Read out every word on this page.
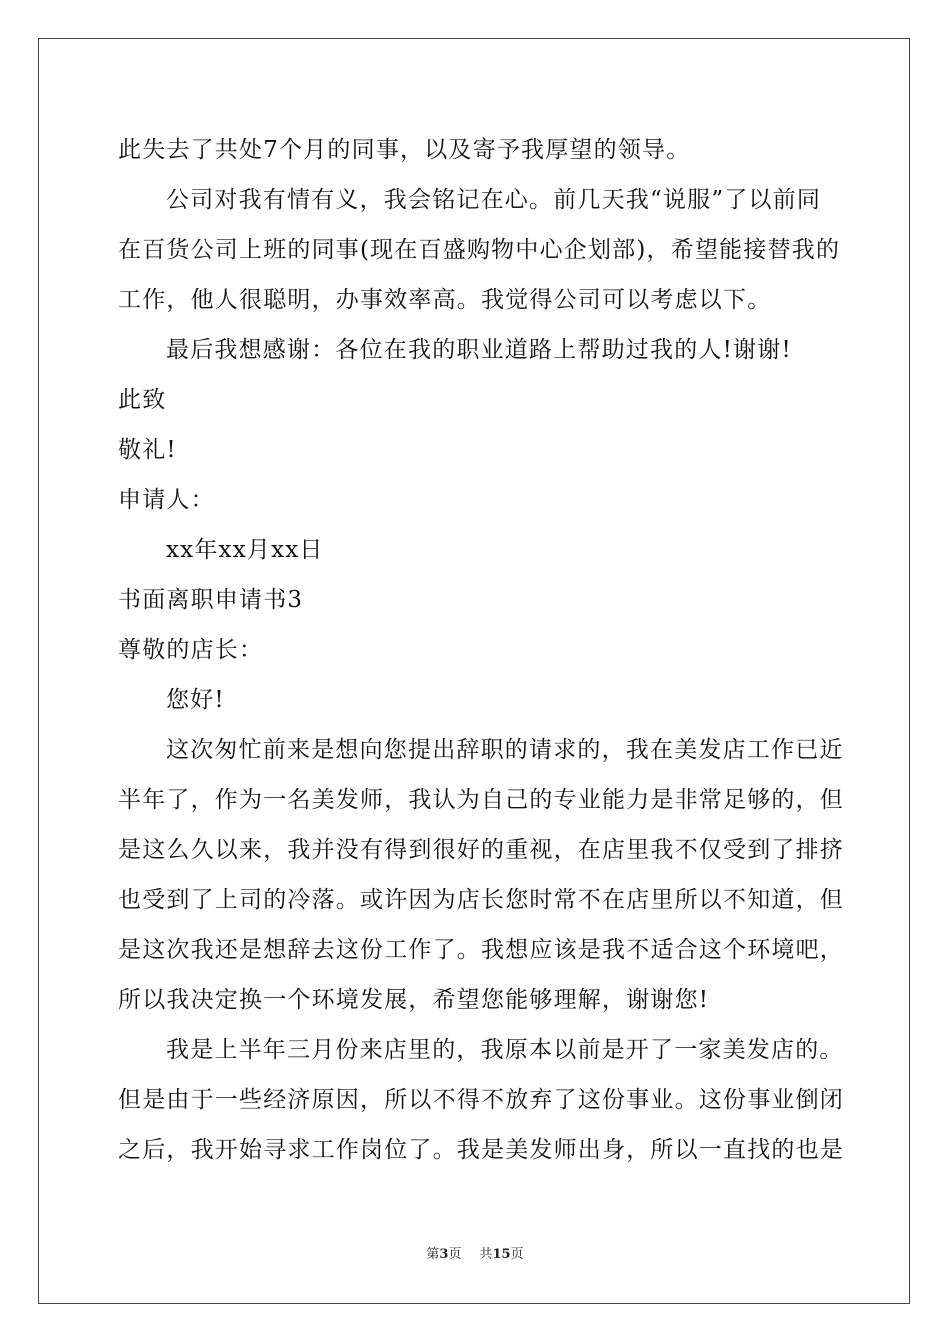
此失去了共处7个月的同事，以及寄予我厚望的领导。
公司对我有情有义，我会铭记在心。前几天我“说服”了以前同
在百货公司上班的同事(现在百盛购物中心企划部)，希望能接替我的
工作，他人很聪明，办事效率高。我觉得公司可以考虑以下。
最后我想感谢：各位在我的职业道路上帮助过我的人!谢谢!
此致
敬礼!
申请人：
xx年xx月xx日
书面离职申请书3
尊敬的店长：
您好!
这次匆忙前来是想向您提出辞职的请求的，我在美发店工作已近
半年了，作为一名美发师，我认为自己的专业能力是非常足够的，但
是这么久以来，我并没有得到很好的重视，在店里我不仅受到了排挤
也受到了上司的冷落。或许因为店长您时常不在店里所以不知道，但
是这次我还是想辞去这份工作了。我想应该是我不适合这个环境吧，
所以我决定换一个环境发展，希望您能够理解，谢谢您!
我是上半年三月份来店里的，我原本以前是开了一家美发店的。
但是由于一些经济原因，所以不得不放弃了这份事业。这份事业倒闭
之后，我开始寻求工作岗位了。我是美发师出身，所以一直找的也是
第3页 共15页
